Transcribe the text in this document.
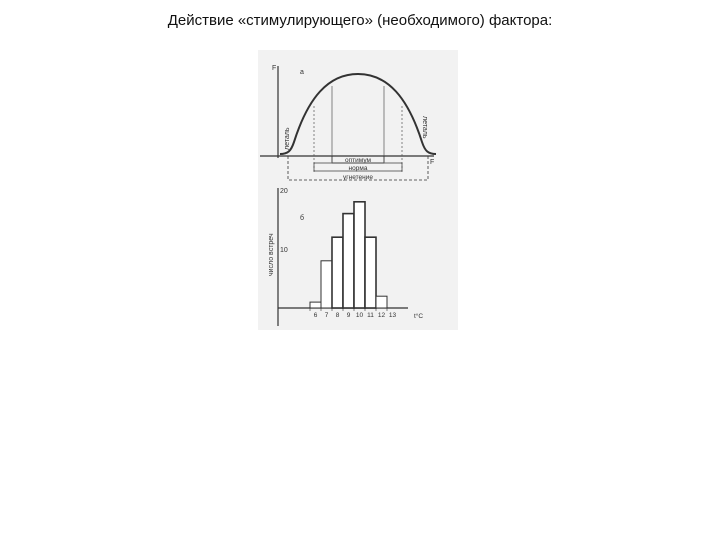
Действие «стимулирующего» (необходимого) фактора:
F
F
а
леталь
леталь
оптимум
норма
угнетение
б
число встреч
t°C
6 7 8 9 10 11 12 13
10
20
